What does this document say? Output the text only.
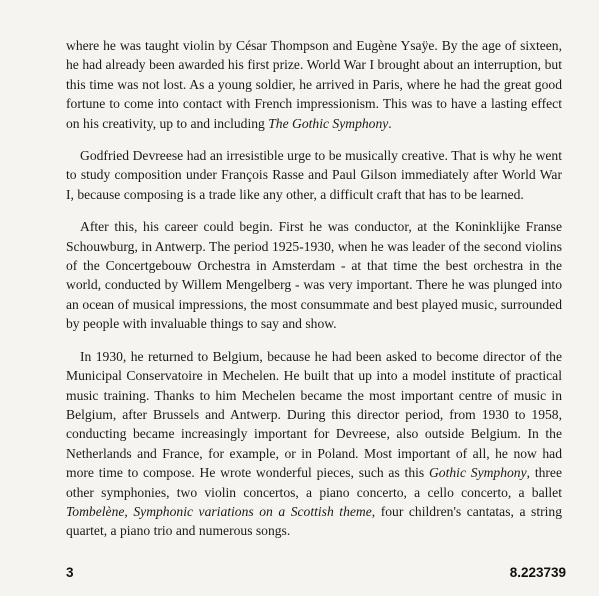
where he was taught violin by César Thompson and Eugène Ysaÿe. By the age of sixteen, he had already been awarded his first prize. World War I brought about an interruption, but this time was not lost. As a young soldier, he arrived in Paris, where he had the great good fortune to come into contact with French impressionism. This was to have a lasting effect on his creativity, up to and including The Gothic Symphony.

Godfried Devreese had an irresistible urge to be musically creative. That is why he went to study composition under François Rasse and Paul Gilson immediately after World War I, because composing is a trade like any other, a difficult craft that has to be learned.

After this, his career could begin. First he was conductor, at the Koninklijke Franse Schouwburg, in Antwerp. The period 1925-1930, when he was leader of the second violins of the Concertgebouw Orchestra in Amsterdam - at that time the best orchestra in the world, conducted by Willem Mengelberg - was very important. There he was plunged into an ocean of musical impressions, the most consummate and best played music, surrounded by people with invaluable things to say and show.

In 1930, he returned to Belgium, because he had been asked to become director of the Municipal Conservatoire in Mechelen. He built that up into a model institute of practical music training. Thanks to him Mechelen became the most important centre of music in Belgium, after Brussels and Antwerp. During this director period, from 1930 to 1958, conducting became increasingly important for Devreese, also outside Belgium. In the Netherlands and France, for example, or in Poland. Most important of all, he now had more time to compose. He wrote wonderful pieces, such as this Gothic Symphony, three other symphonies, two violin concertos, a piano concerto, a cello concerto, a ballet Tombelène, Symphonic variations on a Scottish theme, four children's cantatas, a string quartet, a piano trio and numerous songs.

3	8.223739
